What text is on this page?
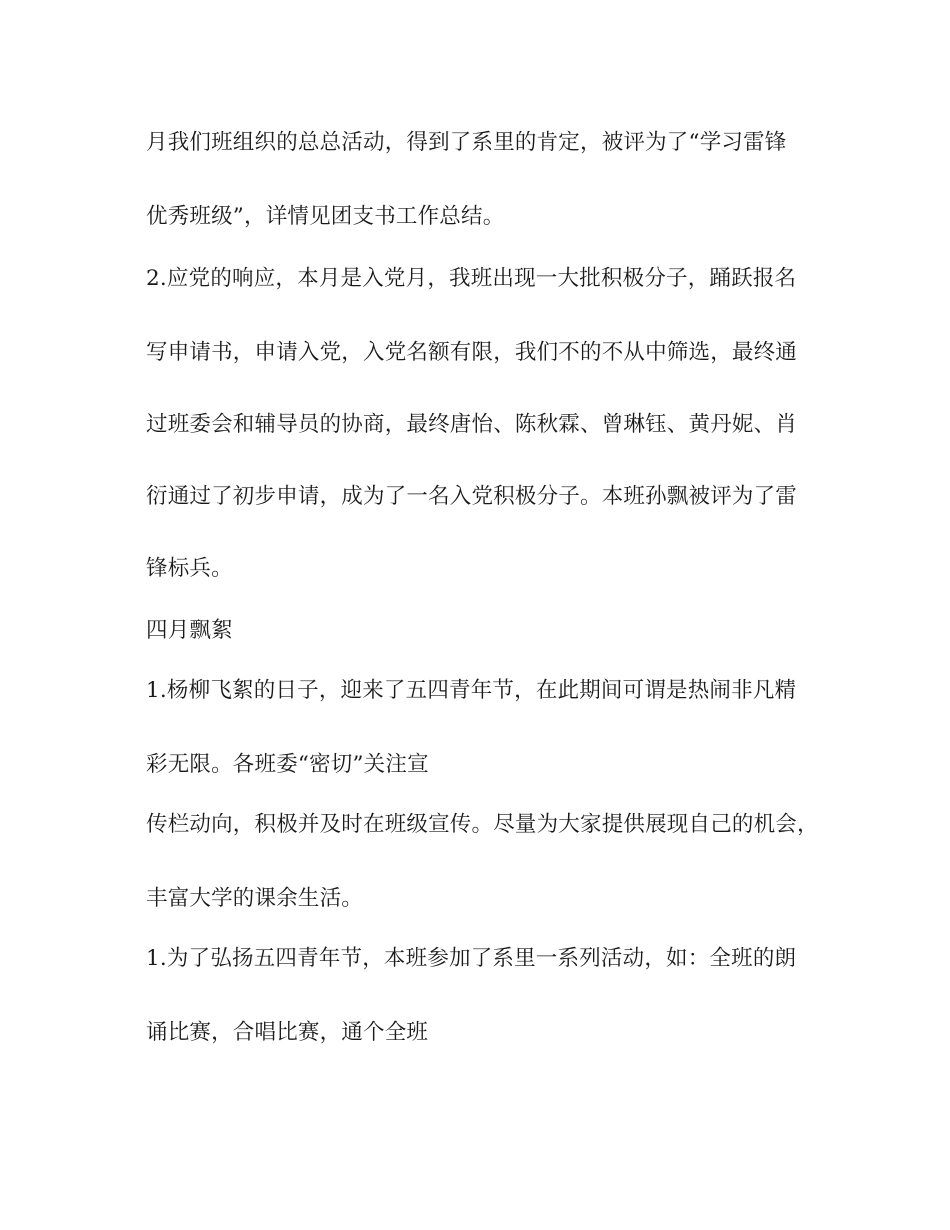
月我们班组织的总总活动，得到了系里的肯定，被评为了“学习雷锋

优秀班级”，详情见团支书工作总结。

2.应党的响应，本月是入党月，我班出现一大批积极分子，踊跃报名

写申请书，申请入党，入党名额有限，我们不的不从中筛选，最终通

过班委会和辅导员的协商，最终唐怡、陈秋霖、曾琳钰、黄丹妮、肖

衍通过了初步申请，成为了一名入党积极分子。本班孙飘被评为了雷

锋标兵。

四月飘絮

1.杨柳飞絮的日子，迎来了五四青年节，在此期间可谓是热闹非凡精

彩无限。各班委“密切”关注宣

传栏动向，积极并及时在班级宣传。尽量为大家提供展现自己的机会，

丰富大学的课余生活。

1.为了弘扬五四青年节，本班参加了系里一系列活动，如：全班的朗

诵比赛，合唱比赛，通个全班
